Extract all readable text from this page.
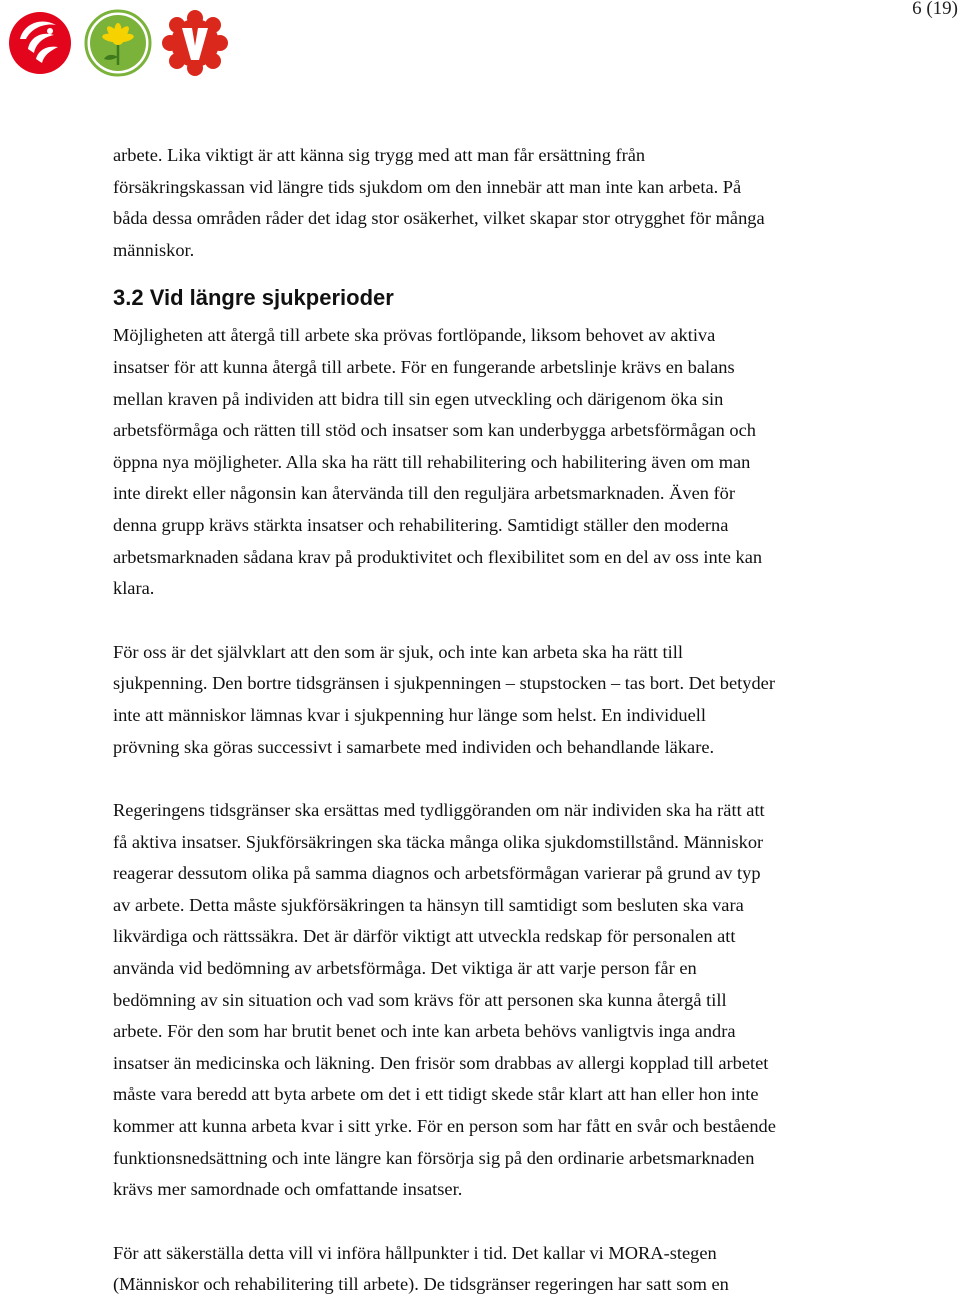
6 (19)

arbete. Lika viktigt är att känna sig trygg med att man får ersättning från
försäkringskassan vid längre tids sjukdom om den innebär att man inte kan arbeta. På
båda dessa områden råder det idag stor osäkerhet, vilket skapar stor otrygghet för många
människor.

3.2 Vid längre sjukperioder

Möjligheten att återgå till arbete ska prövas fortlöpande, liksom behovet av aktiva
insatser för att kunna återgå till arbete. För en fungerande arbetslinje krävs en balans
mellan kraven på individen att bidra till sin egen utveckling och därigenom öka sin
arbetsförmåga och rätten till stöd och insatser som kan underbygga arbetsförmågan och
öppna nya möjligheter. Alla ska ha rätt till rehabilitering och habilitering även om man
inte direkt eller någonsin kan återvända till den reguljära arbetsmarknaden. Även för
denna grupp krävs stärkta insatser och rehabilitering. Samtidigt ställer den moderna
arbetsmarknaden sådana krav på produktivitet och flexibilitet som en del av oss inte kan
klara.

För oss är det självklart att den som är sjuk, och inte kan arbeta ska ha rätt till
sjukpenning. Den bortre tidsgränsen i sjukpenningen – stupstocken – tas bort. Det betyder
inte att människor lämnas kvar i sjukpenning hur länge som helst. En individuell
prövning ska göras successivt i samarbete med individen och behandlande läkare.

Regeringens tidsgränser ska ersättas med tydliggöranden om när individen ska ha rätt att
få aktiva insatser. Sjukförsäkringen ska täcka många olika sjukdomstillstånd. Människor
reagerar dessutom olika på samma diagnos och arbetsförmågan varierar på grund av typ
av arbete. Detta måste sjukförsäkringen ta hänsyn till samtidigt som besluten ska vara
likvärdiga och rättssäkra. Det är därför viktigt att utveckla redskap för personalen att
använda vid bedömning av arbetsförmåga. Det viktiga är att varje person får en
bedömning av sin situation och vad som krävs för att personen ska kunna återgå till
arbete. För den som har brutit benet och inte kan arbeta behövs vanligtvis inga andra
insatser än medicinska och läkning. Den frisör som drabbas av allergi kopplad till arbetet
måste vara beredd att byta arbete om det i ett tidigt skede står klart att han eller hon inte
kommer att kunna arbeta kvar i sitt yrke. För en person som har fått en svår och bestående
funktionsnedsättning och inte längre kan försörja sig på den ordinarie arbetsmarknaden
krävs mer samordnade och omfattande insatser.

För att säkerställa detta vill vi införa hållpunkter i tid. Det kallar vi MORA-stegen
(Människor och rehabilitering till arbete). De tidsgränser regeringen har satt som en
